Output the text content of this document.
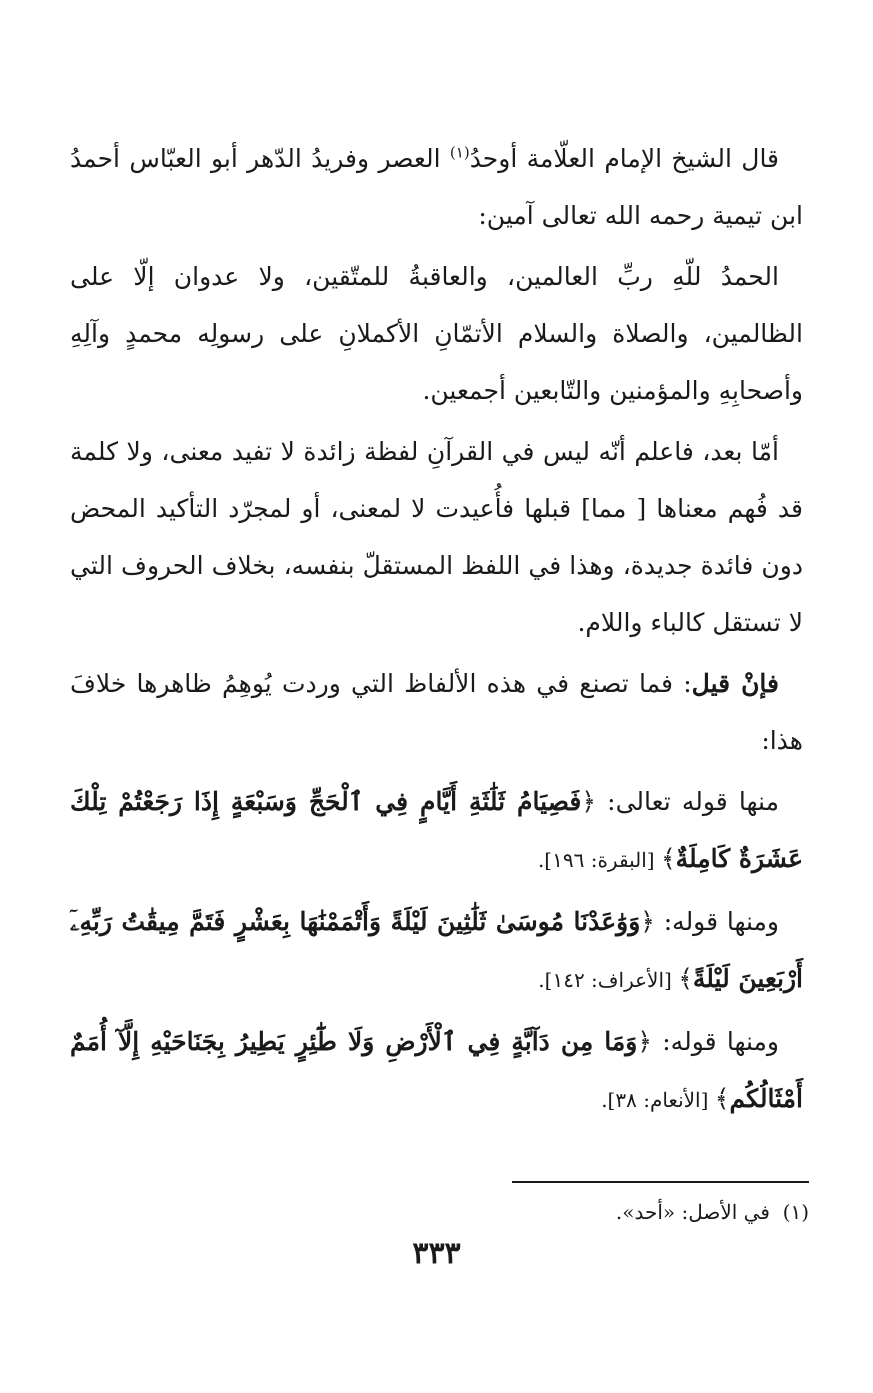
قال الشيخ الإمام العلّامة أوحدُ$^{(١)}$ العصر وفريدُ الدّهر أبو العبّاس أحمدُ ابن تيمية رحمه الله تعالى آمين:

الحمدُ للّهِ ربِّ العالمين، والعاقبةُ للمتّقين، ولا عدوان إلّا على الظالمين، والصلاة والسلام الأتمّانِ الأكملانِ على رسولِه محمدٍ وآلِهِ وأصحابِهِ والمؤمنين والتّابعين أجمعين.

أمّا بعد، فاعلم أنّه ليس في القرآنِ لفظة زائدة لا تفيد معنى، ولا كلمة قد فُهم معناها [ مما] قبلها فأُعيدت لا لمعنى، أو لمجرّد التأكيد المحض دون فائدة جديدة، وهذا في اللفظ المستقلّ بنفسه، بخلاف الحروف التي لا تستقل كالباء واللام.

فإنْ قيل: فما تصنع في هذه الألفاظ التي وردت يُوهِمُ ظاهرها خلافَ هذا:

منها قوله تعالى: ﴿فَصِيَامُ ثَلَٰثَةِ أَيَّامٍ فِي ٱلْحَجِّ وَسَبْعَةٍ إِذَا رَجَعْتُمْ تِلْكَ عَشَرَةٌ كَامِلَةٌ﴾ [البقرة: ١٩٦].

ومنها قوله: ﴿وَوَٰعَدْنَا مُوسَىٰ ثَلَٰثِينَ لَيْلَةً وَأَتْمَمْنَٰهَا بِعَشْرٍ فَتَمَّ مِيقَٰتُ رَبِّهِۦٓ أَرْبَعِينَ لَيْلَةً﴾ [الأعراف: ١٤٢].

ومنها قوله: ﴿وَمَا مِن دَآبَّةٍ فِي ٱلْأَرْضِ وَلَا طَٰٓئِرٍ يَطِيرُ بِجَنَاحَيْهِ إِلَّآ أُمَمٌ أَمْثَالُكُم﴾ [الأنعام: ٣٨].

(١)  في الأصل: «أحد».
٣٣٣
